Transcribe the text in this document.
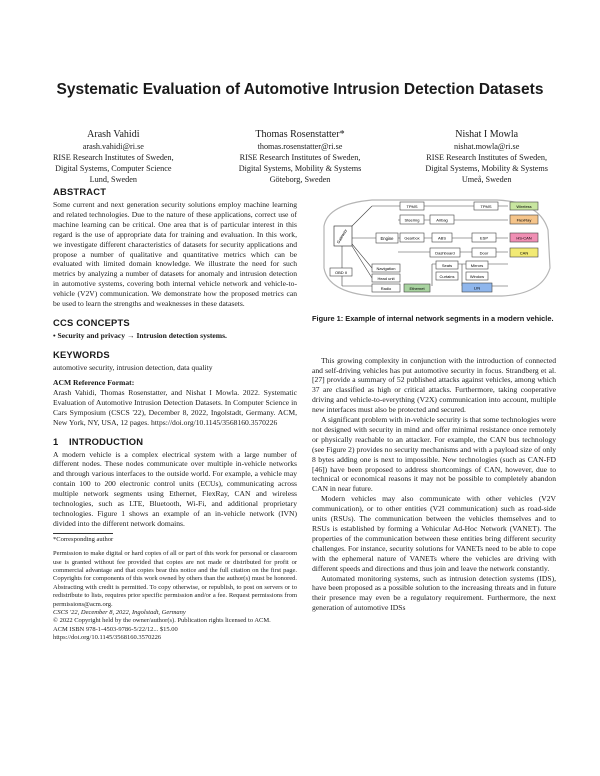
Systematic Evaluation of Automotive Intrusion Detection Datasets
Arash Vahidi
arash.vahidi@ri.se
RISE Research Institutes of Sweden,
Digital Systems, Computer Science
Lund, Sweden
Thomas Rosenstatter*
thomas.rosenstatter@ri.se
RISE Research Institutes of Sweden,
Digital Systems, Mobility & Systems
Göteborg, Sweden
Nishat I Mowla
nishat.mowla@ri.se
RISE Research Institutes of Sweden,
Digital Systems, Mobility & Systems
Umeå, Sweden
ABSTRACT

Some current and next generation security solutions employ machine learning and related technologies. Due to the nature of these applications, correct use of machine learning can be critical. One area that is of particular interest in this regard is the use of appropriate data for training and evaluation. In this work, we investigate different characteristics of datasets for security applications and propose a number of qualitative and quantitative metrics which can be evaluated with limited domain knowledge. We illustrate the need for such metrics by analyzing a number of datasets for anomaly and intrusion detection in automotive systems, covering both internal vehicle network and vehicle-to-vehicle (V2V) communication. We demonstrate how the proposed metrics can be used to learn the strengths and weaknesses in these datasets.

CCS CONCEPTS
• Security and privacy → Intrusion detection systems.
KEYWORDS

automotive security, intrusion detection, data quality

ACM Reference Format:

Arash Vahidi, Thomas Rosenstatter, and Nishat I Mowla. 2022. Systematic Evaluation of Automotive Intrusion Detection Datasets. In Computer Science in Cars Symposium (CSCS '22), December 8, 2022, Ingolstadt, Germany. ACM, New York, NY, USA, 12 pages. https://doi.org/10.1145/3568160.3570226

1 INTRODUCTION

A modern vehicle is a complex electrical system with a large number of different nodes. These nodes communicate over multiple in-vehicle networks and through various interfaces to the outside world. For example, a vehicle may contain 100 to 200 electronic control units (ECUs), communicating across multiple network segments using Ethernet, FlexRay, CAN and wireless technologies, such as LTE, Bluetooth, Wi-Fi, and additional proprietary technologies. Figure 1 shows an example of an in-vehicle network (IVN) divided into the different network domains.

*Corresponding author

Permission to make digital or hard copies of all or part of this work for personal or classroom use is granted without fee provided that copies are not made or distributed for profit or commercial advantage and that copies bear this notice and the full citation on the first page. Copyrights for components of this work owned by others than the author(s) must be honored. Abstracting with credit is permitted. To copy otherwise, or republish, to post on servers or to redistribute to lists, requires prior specific permission and/or a fee. Request permissions from permissions@acm.org.

CSCS '22, December 8, 2022, Ingolstadt, Germany
© 2022 Copyright held by the owner/author(s). Publication rights licensed to ACM.
ACM ISBN 978-1-4503-9786-5/22/12... $15.00
https://doi.org/10.1145/3568160.3570226
Gateway	Engine
TPMS	TPMS	Wireless
Steering	Airbag	FlexRay
Gearbox	ABS	ESP	HS-CAN
Dashboard	Door	CAN
Navigation
Head unit
Radio
OBD II
Ethernet
Seats	Mirrors
Curtains	Window
LIN
Figure 1: Example of internal network segments in a modern vehicle.

This growing complexity in conjunction with the introduction of connected and self-driving vehicles has put automotive security in focus. Strandberg et al. [27] provide a summary of 52 published attacks against vehicles, among which 37 are classified as high or critical attacks. Furthermore, taking cooperative driving and vehicle-to-everything (V2X) communication into account, multiple new interfaces must also be protected and secured.

A significant problem with in-vehicle security is that some technologies were not designed with security in mind and offer minimal resistance once remotely or physically reachable to an attacker. For example, the CAN bus technology (see Figure 2) provides no security mechanisms and with a payload size of only 8 bytes adding one is next to impossible. New technologies (such as CAN-FD [46]) have been proposed to address shortcomings of CAN, however, due to technical or economical reasons it may not be possible to completely abandon CAN in near future.

Modern vehicles may also communicate with other vehicles (V2V communication), or to other entities (V2I communication) such as road-side units (RSUs). The communication between the vehicles themselves and to RSUs is established by forming a Vehicular Ad-Hoc Network (VANET). The properties of the communication between these entities bring different security challenges. For instance, security solutions for VANETs need to be able to cope with the ephemeral nature of VANETs where the vehicles are driving with different speeds and directions and thus join and leave the network constantly.

Automated monitoring systems, such as intrusion detection systems (IDS), have been proposed as a possible solution to the increasing threats and in future their presence may even be a regulatory requirement. Furthermore, the next generation of automotive IDSs
